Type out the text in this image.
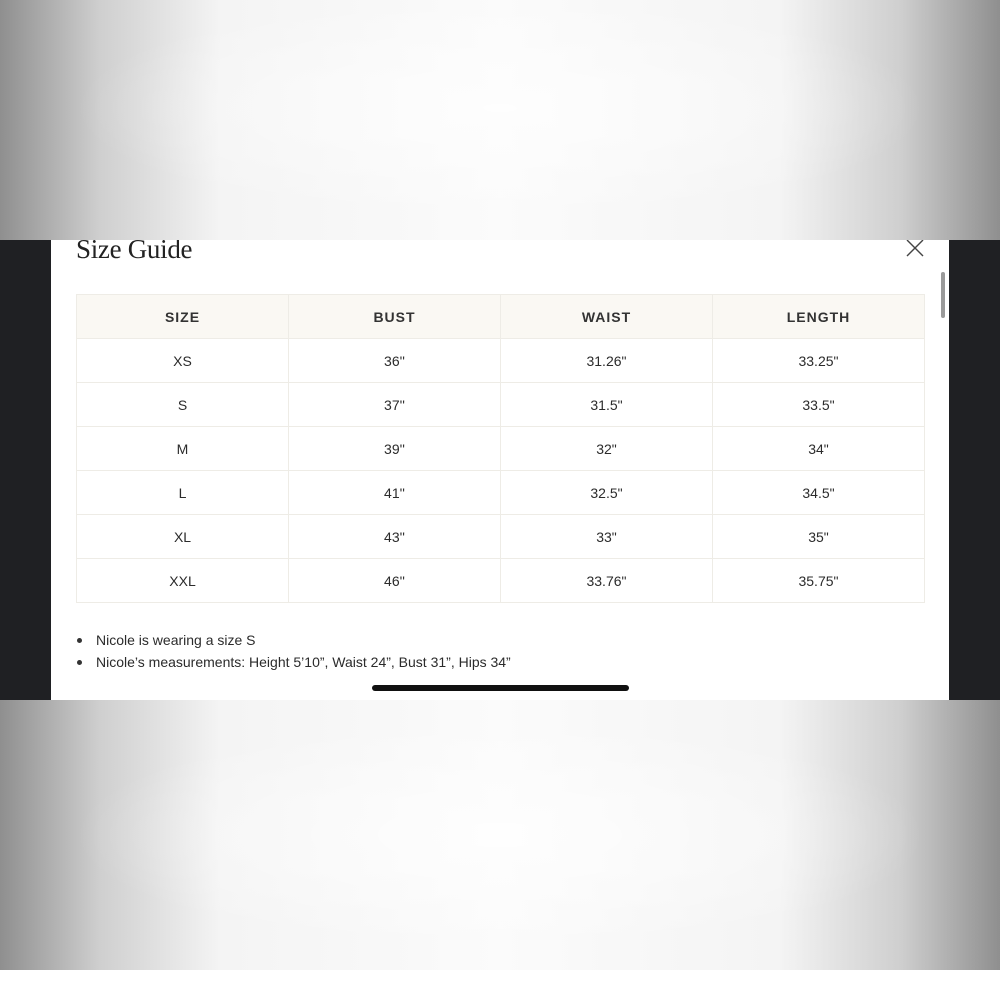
Size Guide
SIZE	BUST	WAIST	LENGTH
XS	36''	31.26"	33.25"
S	37''	31.5"	33.5"
M	39''	32"	34"
L	41''	32.5"	34.5"
XL	43''	33"	35"
XXL	46''	33.76"	35.75"
Nicole is wearing a size S
Nicole’s measurements: Height 5’10”, Waist 24”, Bust 31”, Hips 34”
